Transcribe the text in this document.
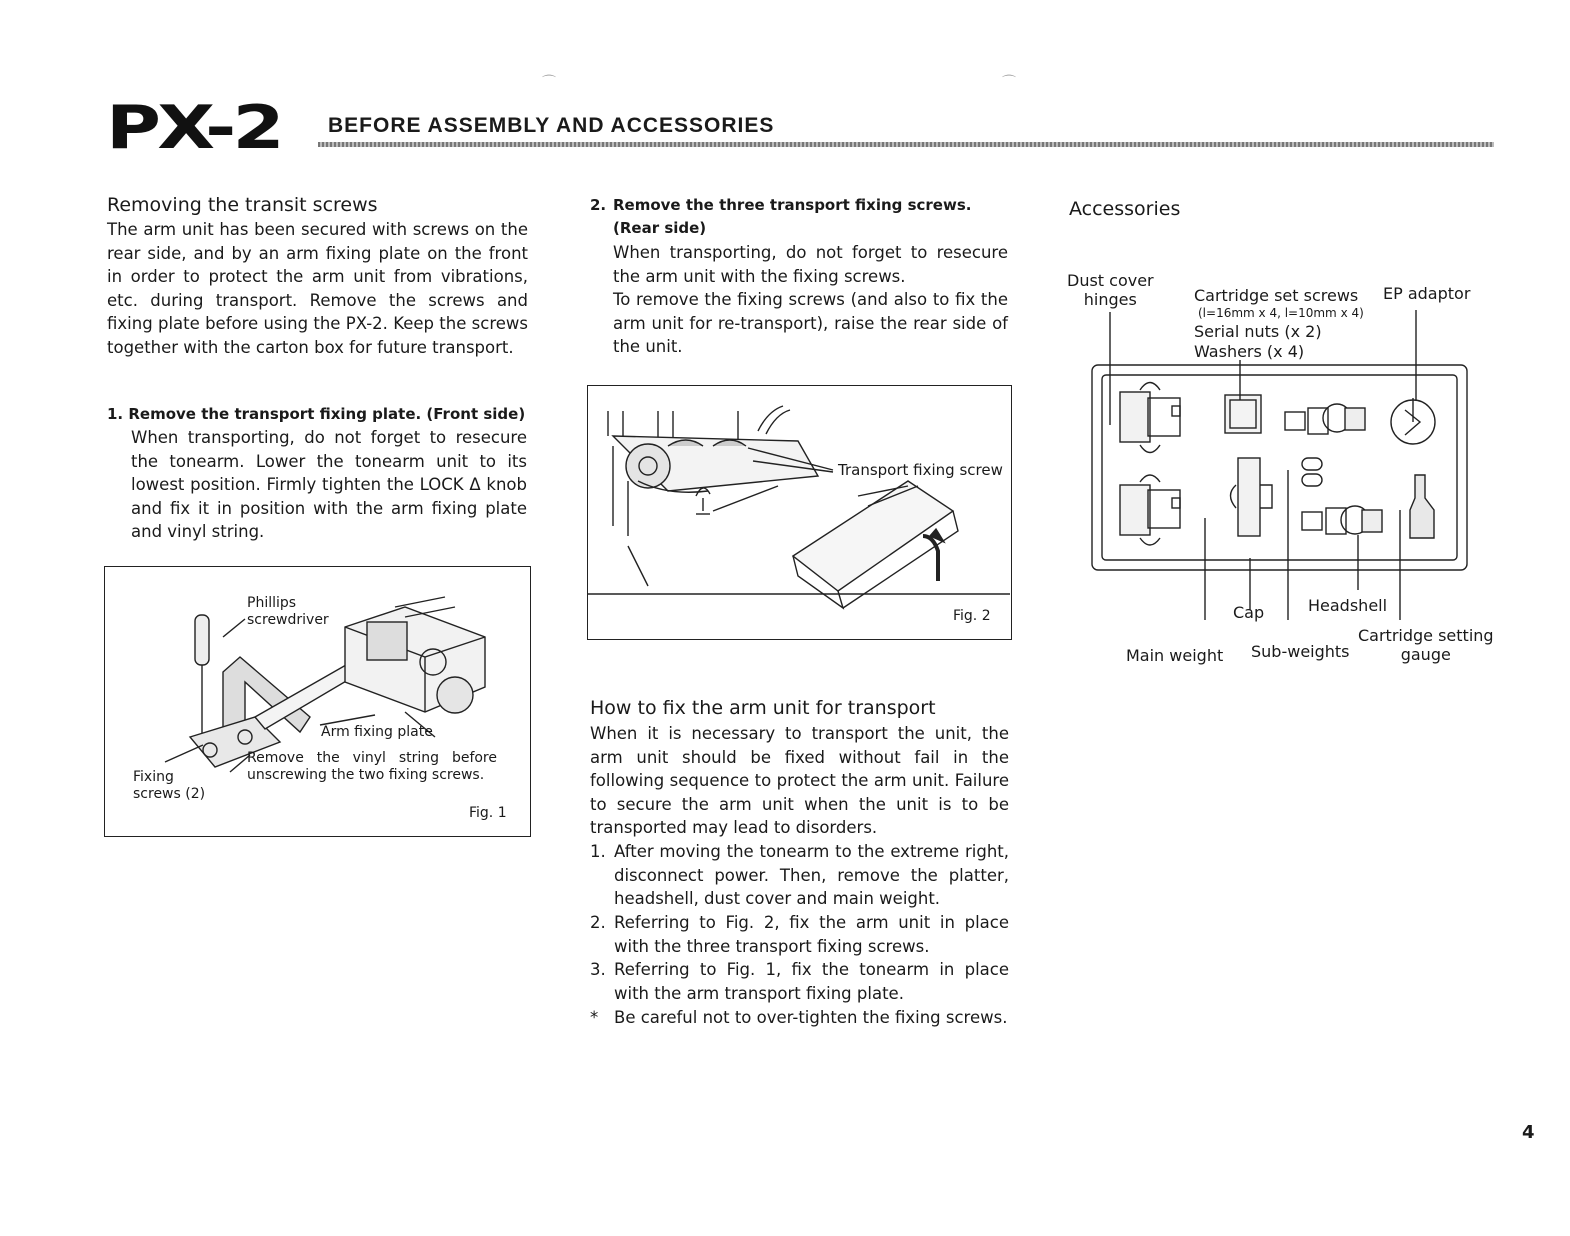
⌒	⌒
PX-2 BEFORE ASSEMBLY AND ACCESSORIES
Removing the transit screws
The arm unit has been secured with screws on the rear side, and by an arm fixing plate on the front in order to protect the arm unit from vibrations, etc. during transport. Remove the screws and fixing plate before using the PX-2. Keep the screws together with the carton box for future transport.
1. Remove the transport fixing plate. (Front side)
When transporting, do not forget to resecure the tonearm. Lower the tonearm unit to its lowest position. Firmly tighten the LOCK Δ knob and fix it in position with the arm fixing plate and vinyl string.
Phillips
screwdriver
Arm fixing plate
Remove the vinyl string before unscrewing the two fixing screws.
Fixing
screws (2)
Fig. 1
2. Remove the three transport fixing screws. (Rear side)
When transporting, do not forget to resecure the arm unit with the fixing screws.
To remove the fixing screws (and also to fix the arm unit for re-transport), raise the rear side of the unit.
Transport fixing screw
Fig. 2
How to fix the arm unit for transport
When it is necessary to transport the unit, the arm unit should be fixed without fail in the following sequence to protect the arm unit. Failure to secure the arm unit when the unit is to be transported may lead to disorders.
1. After moving the tonearm to the extreme right, disconnect power. Then, remove the platter, headshell, dust cover and main weight.
2. Referring to Fig. 2, fix the arm unit in place with the three transport fixing screws.
3. Referring to Fig. 1, fix the tonearm in place with the arm transport fixing plate.
* Be careful not to over-tighten the fixing screws.
Accessories
Dust cover
hinges	Cartridge set screws
(l=16mm x 4, l=10mm x 4)
Serial nuts (x 2)
Washers (x 4)
EP adaptor
Cap	Headshell
Cartridge setting
gauge
Main weight Sub-weights
4
